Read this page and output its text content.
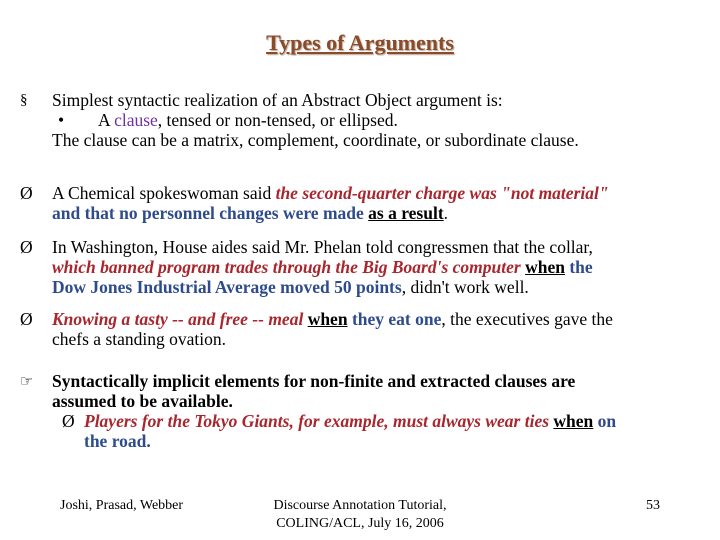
Types of Arguments
§	Simplest syntactic realization of an Abstract Object argument is:
• A clause, tensed or non-tensed, or ellipsed.
The clause can be a matrix, complement, coordinate, or subordinate clause.
Ø	A Chemical spokeswoman said the second-quarter charge was "not material"
and that no personnel changes were made as a result.
Ø	In Washington, House aides said Mr. Phelan told congressmen that the collar,
which banned program trades through the Big Board's computer when the
Dow Jones Industrial Average moved 50 points, didn't work well.
Ø	Knowing a tasty -- and free -- meal when they eat one, the executives gave the
chefs a standing ovation.
☞	Syntactically implicit elements for non-finite and extracted clauses are
assumed to be available.
Ø Players for the Tokyo Giants, for example, must always wear ties when on
the road.
Joshi, Prasad, Webber	Discourse Annotation Tutorial,
COLING/ACL, July 16, 2006
53
